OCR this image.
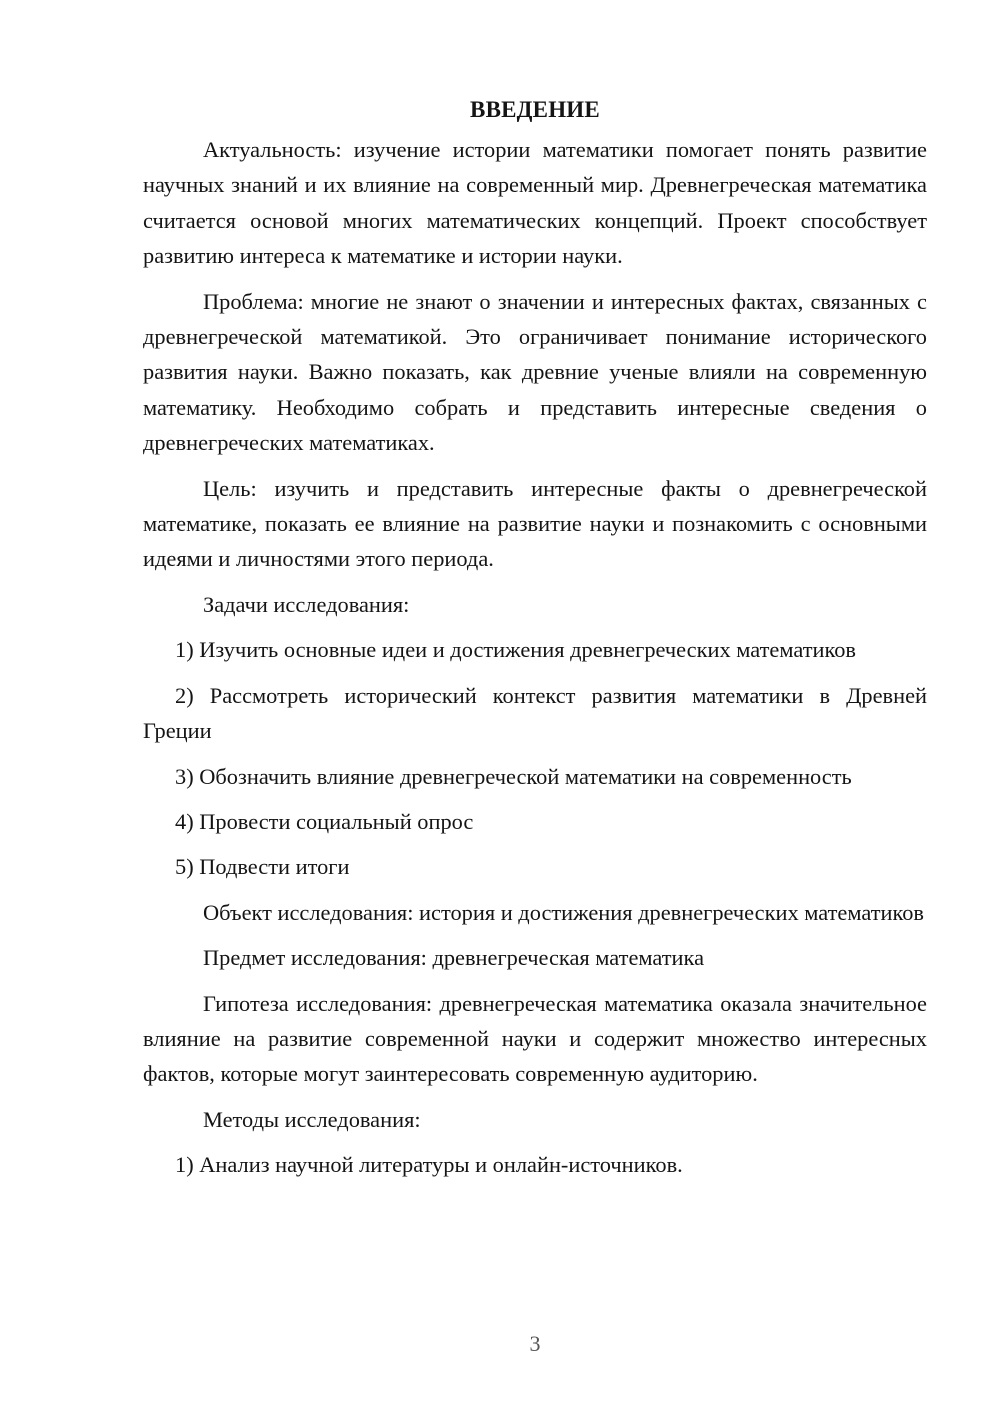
ВВЕДЕНИЕ

Актуальность: изучение истории математики помогает понять развитие научных знаний и их влияние на современный мир. Древнегреческая математика считается основой многих математических концепций. Проект способствует развитию интереса к математике и истории науки.

Проблема: многие не знают о значении и интересных фактах, связанных с древнегреческой математикой. Это ограничивает понимание исторического развития науки. Важно показать, как древние ученые влияли на современную математику. Необходимо собрать и представить интересные сведения о древнегреческих математиках.

Цель: изучить и представить интересные факты о древнегреческой математике, показать ее влияние на развитие науки и познакомить с основными идеями и личностями этого периода.

Задачи исследования:

1) Изучить основные идеи и достижения древнегреческих математиков

2) Рассмотреть исторический контекст развития математики в Древней Греции

3) Обозначить влияние древнегреческой математики на современность

4) Провести социальный опрос

5) Подвести итоги

Объект исследования: история и достижения древнегреческих математиков

Предмет исследования: древнегреческая математика

Гипотеза исследования: древнегреческая математика оказала значительное влияние на развитие современной науки и содержит множество интересных фактов, которые могут заинтересовать современную аудиторию.

Методы исследования:

1) Анализ научной литературы и онлайн-источников.

3
